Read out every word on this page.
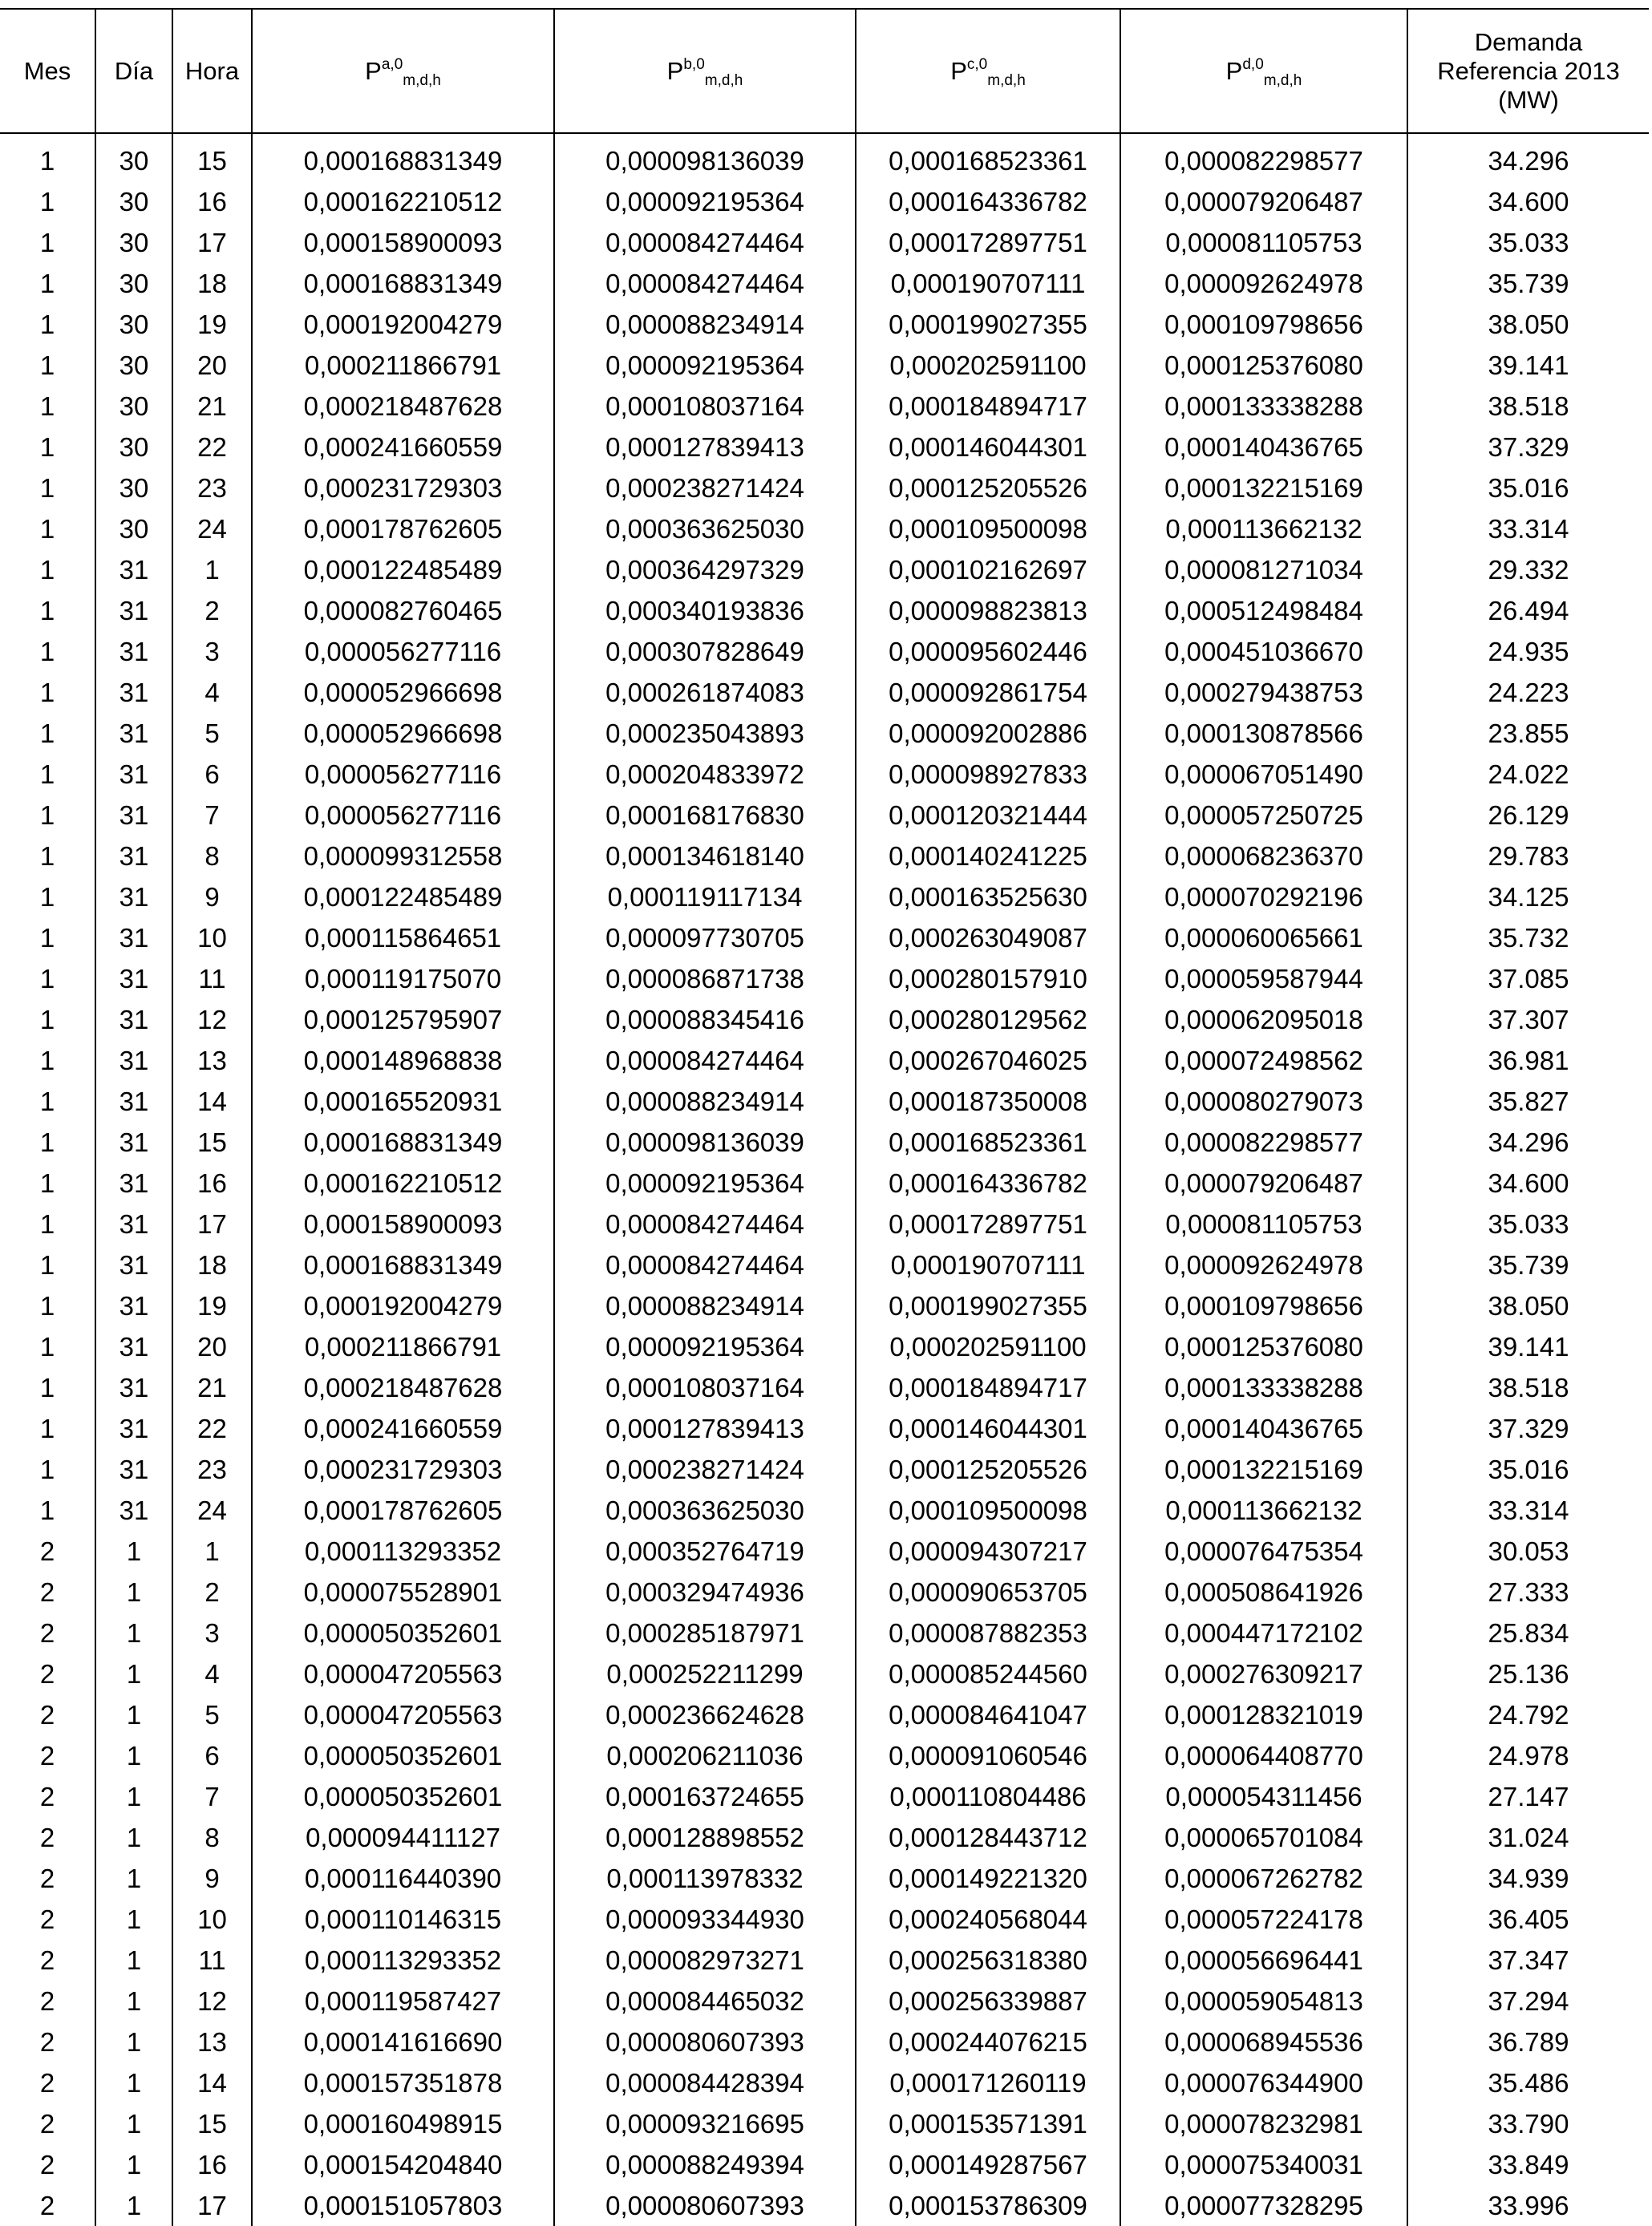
Mes	Día	Hora	P$^{a,0}_{m,d,h}$	P$^{b,0}_{m,d,h}$	P$^{c,0}_{m,d,h}$	P$^{d,0}_{m,d,h}$	Demanda
Referencia 2013
(MW)
1	30	15	0,000168831349	0,000098136039	0,000168523361	0,000082298577	34.296
1	30	16	0,000162210512	0,000092195364	0,000164336782	0,000079206487	34.600
1	30	17	0,000158900093	0,000084274464	0,000172897751	0,000081105753	35.033
1	30	18	0,000168831349	0,000084274464	0,000190707111	0,000092624978	35.739
1	30	19	0,000192004279	0,000088234914	0,000199027355	0,000109798656	38.050
1	30	20	0,000211866791	0,000092195364	0,000202591100	0,000125376080	39.141
1	30	21	0,000218487628	0,000108037164	0,000184894717	0,000133338288	38.518
1	30	22	0,000241660559	0,000127839413	0,000146044301	0,000140436765	37.329
1	30	23	0,000231729303	0,000238271424	0,000125205526	0,000132215169	35.016
1	30	24	0,000178762605	0,000363625030	0,000109500098	0,000113662132	33.314
1	31	1	0,000122485489	0,000364297329	0,000102162697	0,000081271034	29.332
1	31	2	0,000082760465	0,000340193836	0,000098823813	0,000512498484	26.494
1	31	3	0,000056277116	0,000307828649	0,000095602446	0,000451036670	24.935
1	31	4	0,000052966698	0,000261874083	0,000092861754	0,000279438753	24.223
1	31	5	0,000052966698	0,000235043893	0,000092002886	0,000130878566	23.855
1	31	6	0,000056277116	0,000204833972	0,000098927833	0,000067051490	24.022
1	31	7	0,000056277116	0,000168176830	0,000120321444	0,000057250725	26.129
1	31	8	0,000099312558	0,000134618140	0,000140241225	0,000068236370	29.783
1	31	9	0,000122485489	0,000119117134	0,000163525630	0,000070292196	34.125
1	31	10	0,000115864651	0,000097730705	0,000263049087	0,000060065661	35.732
1	31	11	0,000119175070	0,000086871738	0,000280157910	0,000059587944	37.085
1	31	12	0,000125795907	0,000088345416	0,000280129562	0,000062095018	37.307
1	31	13	0,000148968838	0,000084274464	0,000267046025	0,000072498562	36.981
1	31	14	0,000165520931	0,000088234914	0,000187350008	0,000080279073	35.827
1	31	15	0,000168831349	0,000098136039	0,000168523361	0,000082298577	34.296
1	31	16	0,000162210512	0,000092195364	0,000164336782	0,000079206487	34.600
1	31	17	0,000158900093	0,000084274464	0,000172897751	0,000081105753	35.033
1	31	18	0,000168831349	0,000084274464	0,000190707111	0,000092624978	35.739
1	31	19	0,000192004279	0,000088234914	0,000199027355	0,000109798656	38.050
1	31	20	0,000211866791	0,000092195364	0,000202591100	0,000125376080	39.141
1	31	21	0,000218487628	0,000108037164	0,000184894717	0,000133338288	38.518
1	31	22	0,000241660559	0,000127839413	0,000146044301	0,000140436765	37.329
1	31	23	0,000231729303	0,000238271424	0,000125205526	0,000132215169	35.016
1	31	24	0,000178762605	0,000363625030	0,000109500098	0,000113662132	33.314
2	1	1	0,000113293352	0,000352764719	0,000094307217	0,000076475354	30.053
2	1	2	0,000075528901	0,000329474936	0,000090653705	0,000508641926	27.333
2	1	3	0,000050352601	0,000285187971	0,000087882353	0,000447172102	25.834
2	1	4	0,000047205563	0,000252211299	0,000085244560	0,000276309217	25.136
2	1	5	0,000047205563	0,000236624628	0,000084641047	0,000128321019	24.792
2	1	6	0,000050352601	0,000206211036	0,000091060546	0,000064408770	24.978
2	1	7	0,000050352601	0,000163724655	0,000110804486	0,000054311456	27.147
2	1	8	0,000094411127	0,000128898552	0,000128443712	0,000065701084	31.024
2	1	9	0,000116440390	0,000113978332	0,000149221320	0,000067262782	34.939
2	1	10	0,000110146315	0,000093344930	0,000240568044	0,000057224178	36.405
2	1	11	0,000113293352	0,000082973271	0,000256318380	0,000056696441	37.347
2	1	12	0,000119587427	0,000084465032	0,000256339887	0,000059054813	37.294
2	1	13	0,000141616690	0,000080607393	0,000244076215	0,000068945536	36.789
2	1	14	0,000157351878	0,000084428394	0,000171260119	0,000076344900	35.486
2	1	15	0,000160498915	0,000093216695	0,000153571391	0,000078232981	33.790
2	1	16	0,000154204840	0,000088249394	0,000149287567	0,000075340031	33.849
2	1	17	0,000151057803	0,000080607393	0,000153786309	0,000077328295	33.996
